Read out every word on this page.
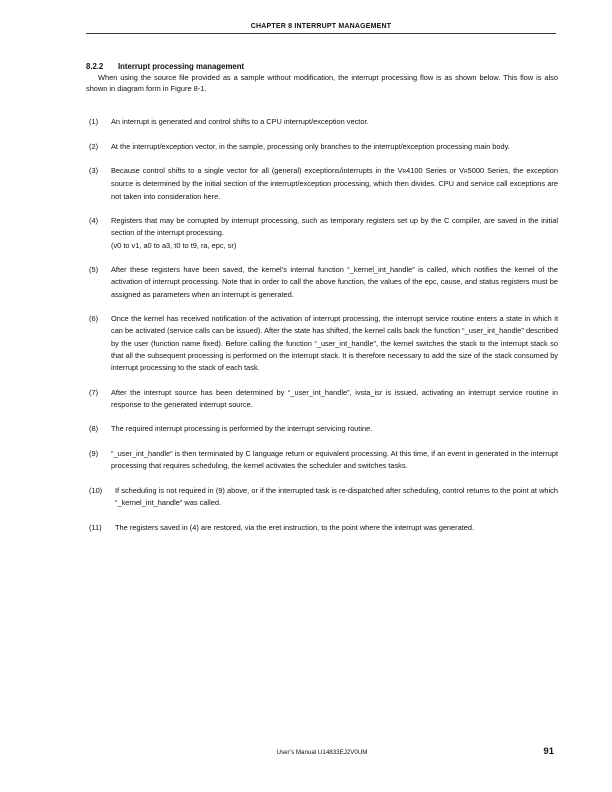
CHAPTER 8 INTERRUPT MANAGEMENT
8.2.2 Interrupt processing management
When using the source file provided as a sample without modification, the interrupt processing flow is as shown below. This flow is also shown in diagram form in Figure 8-1.
(1)	An interrupt is generated and control shifts to a CPU interrupt/exception vector.
(2)	At the interrupt/exception vector, in the sample, processing only branches to the interrupt/exception processing main body.
(3)	Because control shifts to a single vector for all (general) exceptions/interrupts in the VR4100 Series or VR5000 Series, the exception source is determined by the initial section of the interrupt/exception processing, which then divides. CPU and service call exceptions are not taken into consideration here.
(4)	Registers that may be corrupted by interrupt processing, such as temporary registers set up by the C compiler, are saved in the initial section of the interrupt processing.
(v0 to v1, a0 to a3, t0 to t9, ra, epc, sr)
(5)	After these registers have been saved, the kernel’s internal function “_kernel_int_handle” is called, which notifies the kernel of the activation of interrupt processing. Note that in order to call the above function, the values of the epc, cause, and status registers must be assigned as parameters when an interrupt is generated.
(6)	Once the kernel has received notification of the activation of interrupt processing, the interrupt service routine enters a state in which it can be activated (service calls can be issued). After the state has shifted, the kernel calls back the function “_user_int_handle” described by the user (function name fixed). Before calling the function “_user_int_handle”, the kernel switches the stack to the interrupt stack so that all the subsequent processing is performed on the interrupt stack. It is therefore necessary to add the size of the stack consumed by interrupt processing to the stack of each task.
(7)	After the interrupt source has been determined by “_user_int_handle”, ivsta_isr is issued, activating an interrupt service routine in response to the generated interrupt source.
(8)	The required interrupt processing is performed by the interrupt servicing routine.
(9)	“_user_int_handle” is then terminated by C language return or equivalent processing. At this time, if an event in generated in the interrupt processing that requires scheduling, the kernel activates the scheduler and switches tasks.
(10)	If scheduling is not required in (9) above, or if the interrupted task is re-dispatched after scheduling, control returns to the point at which “_kernel_int_handle” was called.
(11)	The registers saved in (4) are restored, via the eret instruction, to the point where the interrupt was generated.
User’s Manual U14833EJ2V0UM	91
